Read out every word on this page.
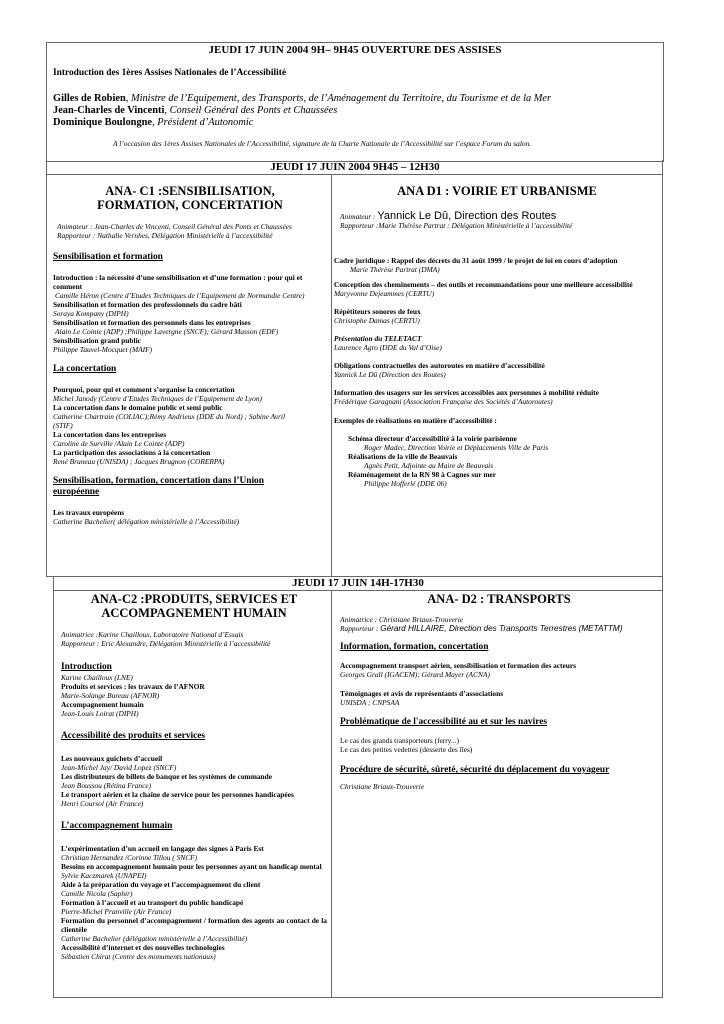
JEUDI 17 JUIN 2004 9H– 9H45 OUVERTURE DES ASSISES
Introduction des 1ères Assises Nationales de l’Accessibilité
Gilles de Robien, Ministre de l’Equipement, des Transports, de l’Aménagement du Territoire, du Tourisme et de la Mer
Jean-Charles de Vincenti, Conseil Général des Ponts et Chaussées
Dominique Boulongne, Président d’Autonomic
A l’occasion des 1ères Assises Nationales de l’Accessibilité, signature de la Charte Nationale de l’Accessibilité sur l’espace Forum du salon.
JEUDI 17 JUIN 2004 9H45 – 12H30
ANA- C1 :SENSIBILISATION, FORMATION, CONCERTATION
Animateur : Jean-Charles de Vincenti, Conseil Général des Ponts et Chaussées
Rapporteur : Nathalie Vernhes, Délégation Ministérielle à l’accessibilité
Sensibilisation et formation
Introduction : la nécessité d’une sensibilisation et d’une formation : pour qui et comment
Camille Héron (Centre d’Etudes Techniques de l’Equipement de Normandie Centre)
Sensibilisation et formation des professionnels du cadre bâti
Soraya Kompany (DIPH)
Sensibilisation et formation des personnels dans les entreprises
Alain Le Cointe (ADP) ;Philippe Lavergne (SNCF); Gérard Masson (EDF)
Sensibilisation grand public
Philippe Tauvel-Mocquet (MAIF)
La concertation
Pourquoi, pour qui et comment s’organise la concertation
Michel Janody (Centre d’Etudes Techniques de l’Equipement de Lyon)
La concertation dans le domaine public et semi public
Catherine Chartrain (COLIAC);Rémy Andrieux (DDE du Nord) ; Sabine Avril (STIF)
La concertation dans les entreprises
Caroline de Surville /Alain Le Cointe (ADP)
La participation des associations à la concertation
René Bruneau (UNISDA) ; Jacques Brugnon (CORERPA)
Sensibilisation, formation, concertation dans l’Union européenne
Les travaux européens
Catherine Bachelier( délégation ministérielle à l’Accessibilité)
ANA D1 : VOIRIE ET URBANISME
Animateur : Yannick Le Dû, Direction des Routes
Rapporteur :Marie Thérèse Partrat : Délégation Ministérielle à l’accessibilité
Cadre juridique : Rappel des décrets du 31 août 1999 / le projet de loi en cours d’adoption
Marie Thérèse Partrat (DMA)
Conception des cheminements – des outils et recommandations pour une meilleure accessibilité
Maryvonne Dejeammes (CERTU)
Répétiteurs sonores de feux
Christophe Damas (CERTU)
Présentation du TELETACT
Laurence Agro (DDE du Val d’Oise)
Obligations contractuelles des autoroutes en matière d’accessibilité
Yannick Le Dû (Direction des Routes)
Information des usagers sur les services accessibles aux personnes à mobilité réduite
Frédérique Garagnani (Association Française des Sociétés d’Autoroutes)
Exemples de réalisations en matière d’accessibilité :
Schéma directeur d’accessibilité à la voirie parisienne
Roger Madec, Direction Voirie et Déplacements Ville de Paris
Réalisations de la ville de Beauvais
Agnès Petit, Adjointe au Maire de Beauvais
Réaménagement de la RN 98 à Cagnes sur mer
Philippe Hofferlé (DDE 06)
JEUDI 17 JUIN 14H-17H30
ANA-C2 :PRODUITS, SERVICES ET ACCOMPAGNEMENT HUMAIN
Animatrice :Karine Chailloux, Laboratoire National d’Essais
Rapporteur : Eric Alexandre, Délégation Ministérielle à l’accessibilité
Introduction
Karine Chailloux (LNE)
Produits et services : les travaux de l’AFNOR
Marie-Solange Bureau (AFNOR)
Accompagnement humain
Jean-Louis Loirat (DIPH)
Accessibilité des produits et services
Les nouveaux guichets d’accueil
Jean-Michel Jay/ David Lopez (SNCF)
Les distributeurs de billets de banque et les systèmes de commande
Jean Boussou (Rétina France)
Le transport aérien et la chaîne de service pour les personnes handicapées
Henri Coursol (Air France)
L’accompagnement humain
L’expérimentation d’un accueil en langage des signes à Paris Est
Christian Hernandez /Corinne Tillou ( SNCF)
Besoins en accompagnement humain pour les personnes ayant un handicap mental
Sylvie Kaczmarek (UNAPEI)
Aide à la préparation du voyage et l’accompagnement du client
Camille Nicola (Saphir)
Formation à l’accueil et au transport du public handicapé
Pierre-Michel Pranville (Air France)
Formation du personnel d’accompagnement / formation des agents au contact de la clientèle
Catherine Bachelier (délégation ministérielle à l’Accessibilité)
Accessibilité d’internet et des nouvelles technologies
Sébastien Chirat (Centre des monuments nationaux)
ANA- D2 : TRANSPORTS
Animatrice : Christiane Briaux-Trouverie
Rapporteur : Gérard HILLAIRE, Direction des Transports Terrestres (METATTM)
Information, formation, concertation
Accompagnement transport aérien, sensibilisation et formation des acteurs
Georges Grall (IGACEM); Gérard Mayer (ACNA)
Témoignages et avis de représentants d’associations
UNISDA ; CNPSAA
Problématique de l'accessibilité au et sur les navires
Le cas des grands transporteurs (ferry...)
Le cas des petites vedettes (desserte des îles)
Procédure de sécurité, sûreté, sécurité du déplacement du voyageur
Christiane Briaux-Trouverie
